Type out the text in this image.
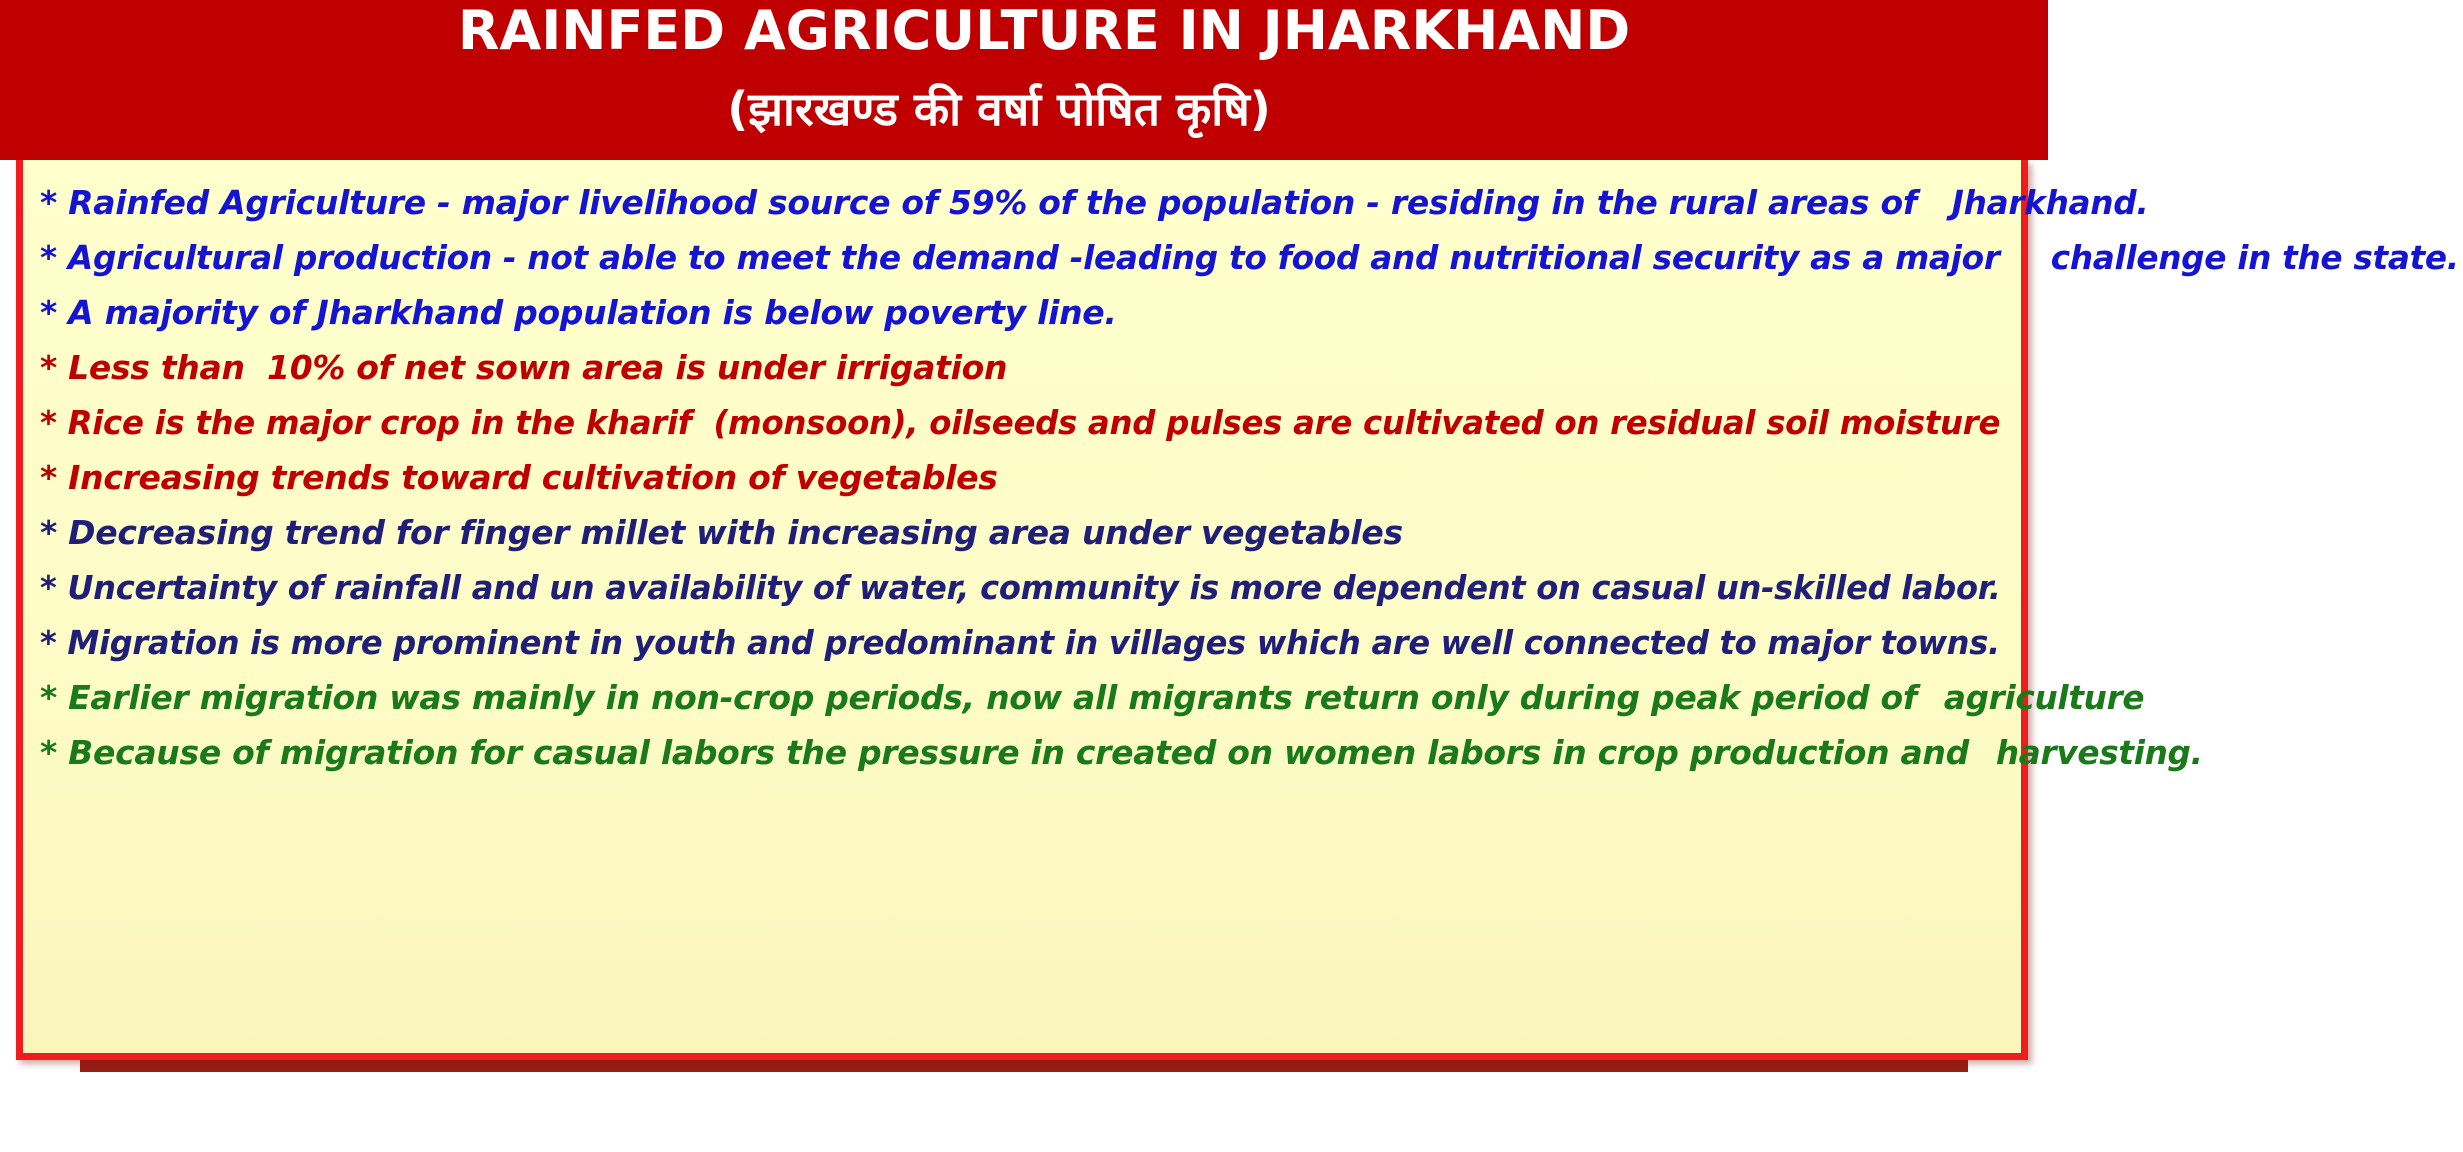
RAINFED AGRICULTURE IN JHARKHAND
(झारखण्ड की वर्षा पोषित कृषि)
* Rainfed Agriculture - major livelihood source of 59% of the population - residing in the rural areas of Jharkhand.
* Agricultural production - not able to meet the demand -leading to food and nutritional security as a major challenge in the state.
* A majority of Jharkhand population is below poverty line.
* Less than  10% of net sown area is under irrigation
* Rice is the major crop in the kharif  (monsoon), oilseeds and pulses are cultivated on residual soil moisture
* Increasing trends toward cultivation of vegetables
* Decreasing trend for finger millet with increasing area under vegetables
* Uncertainty of rainfall and un availability of water, community is more dependent on casual un-skilled labor.
* Migration is more prominent in youth and predominant in villages which are well connected to major towns.
* Earlier migration was mainly in non-crop periods, now all migrants return only during peak period of agriculture
* Because of migration for casual labors the pressure in created on women labors in crop production and harvesting.
